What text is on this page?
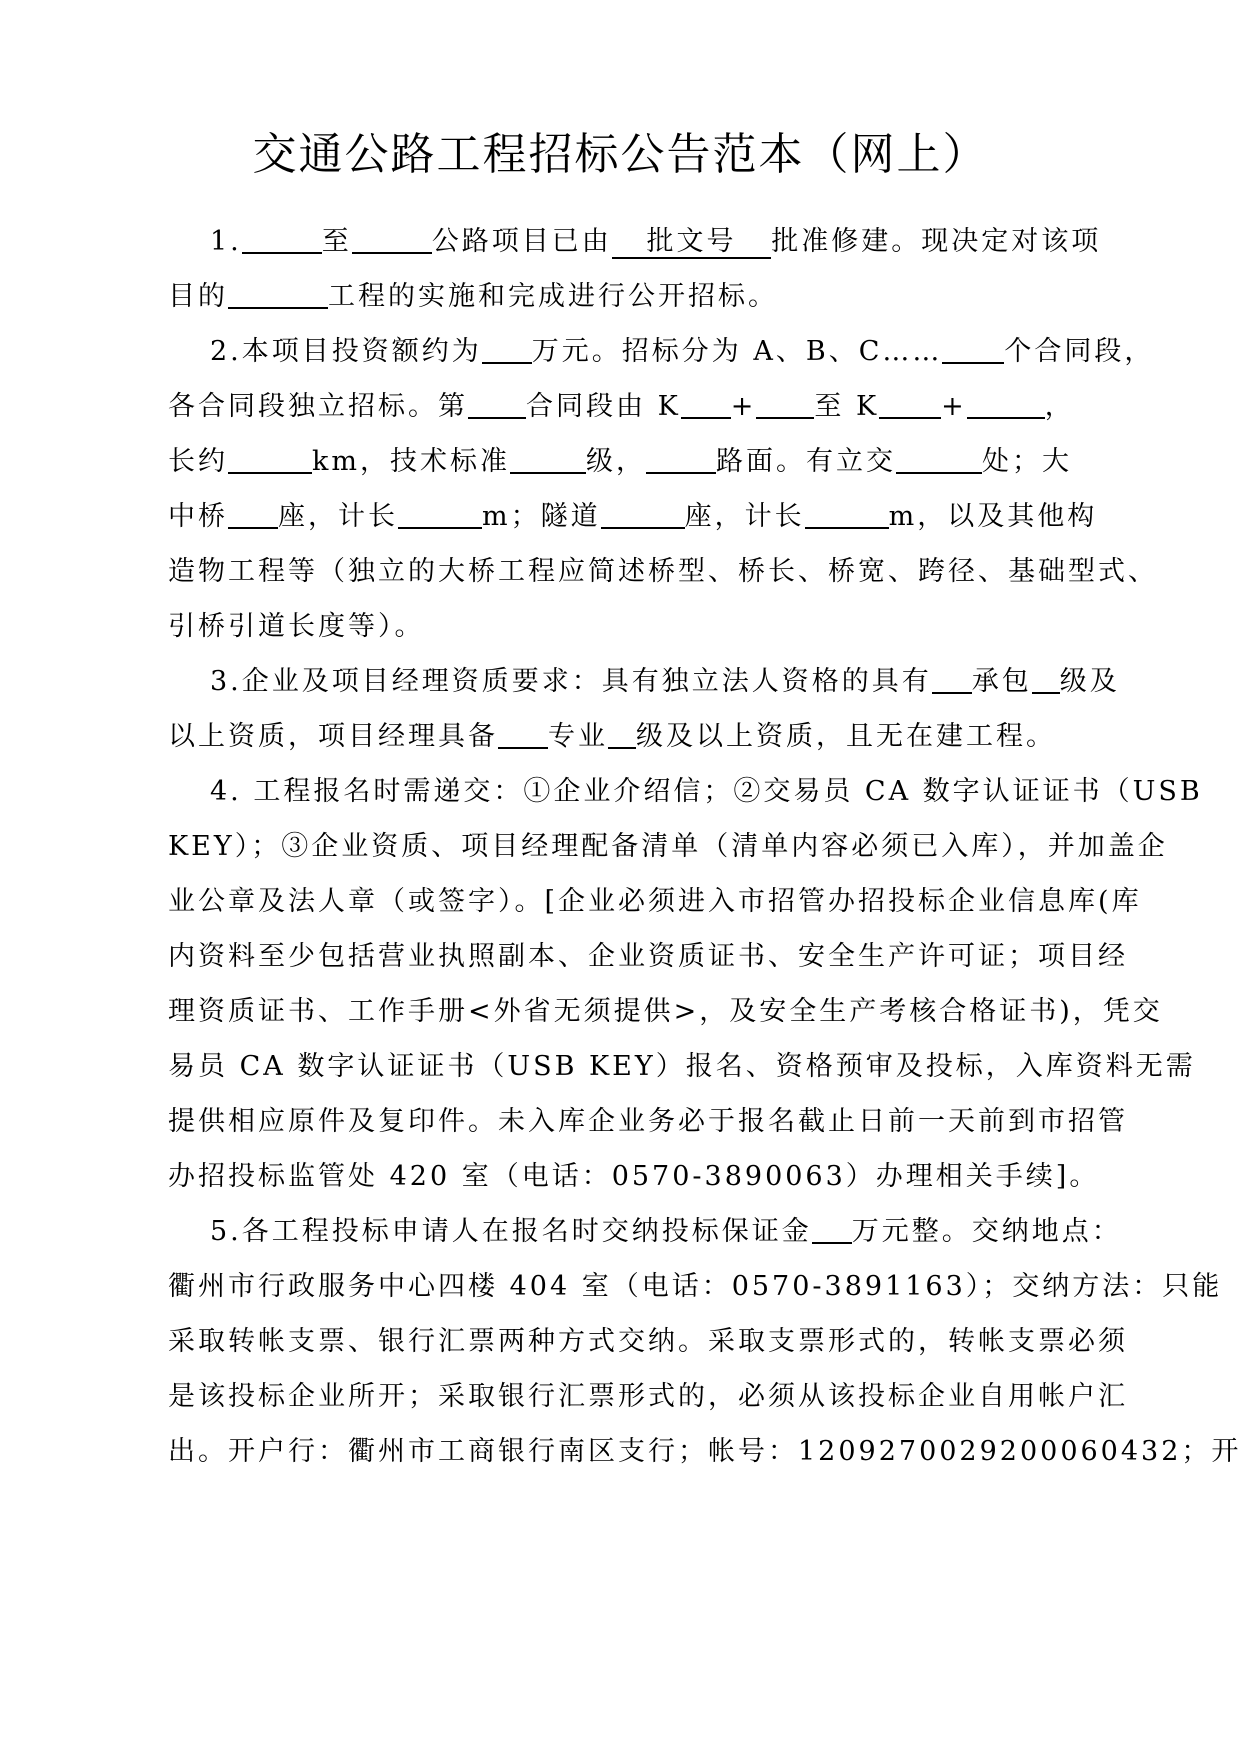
交通公路工程招标公告范本（网上）
1.	至	公路项目已由 批文号 批准修建。现决定对该项
目的	工程的实施和完成进行公开招标。
2.本项目投资额约为 万元。招标分为 A、B、C…… 个合同段，
各合同段独立招标。第 合同段由 K + 至 K +	，
长约	km，技术标准	级，	路面。有立交	处；大
中桥 座，计长	m；隧道	座，计长	m，以及其他构
造物工程等（独立的大桥工程应简述桥型、桥长、桥宽、跨径、基础型式、
引桥引道长度等）。
3.企业及项目经理资质要求：具有独立法人资格的具有 承包 级及
以上资质，项目经理具备 专业 级及以上资质，且无在建工程。
4. 工程报名时需递交：①企业介绍信；②交易员 CA 数字认证证书（USB
KEY）；③企业资质、项目经理配备清单（清单内容必须已入库），并加盖企
业公章及法人章（或签字）。[企业必须进入市招管办招投标企业信息库(库
内资料至少包括营业执照副本、企业资质证书、安全生产许可证；项目经
理资质证书、工作手册<外省无须提供>，及安全生产考核合格证书)，凭交
易员 CA 数字认证证书（USB KEY）报名、资格预审及投标，入库资料无需
提供相应原件及复印件。未入库企业务必于报名截止日前一天前到市招管
办招投标监管处 420 室（电话：0570-3890063）办理相关手续]。
5.各工程投标申请人在报名时交纳投标保证金 万元整。交纳地点：
衢州市行政服务中心四楼 404 室（电话：0570-3891163）；交纳方法：只能
采取转帐支票、银行汇票两种方式交纳。采取支票形式的，转帐支票必须
是该投标企业所开；采取银行汇票形式的，必须从该投标企业自用帐户汇
出。开户行：衢州市工商银行南区支行；帐号：1209270029200060432；开
